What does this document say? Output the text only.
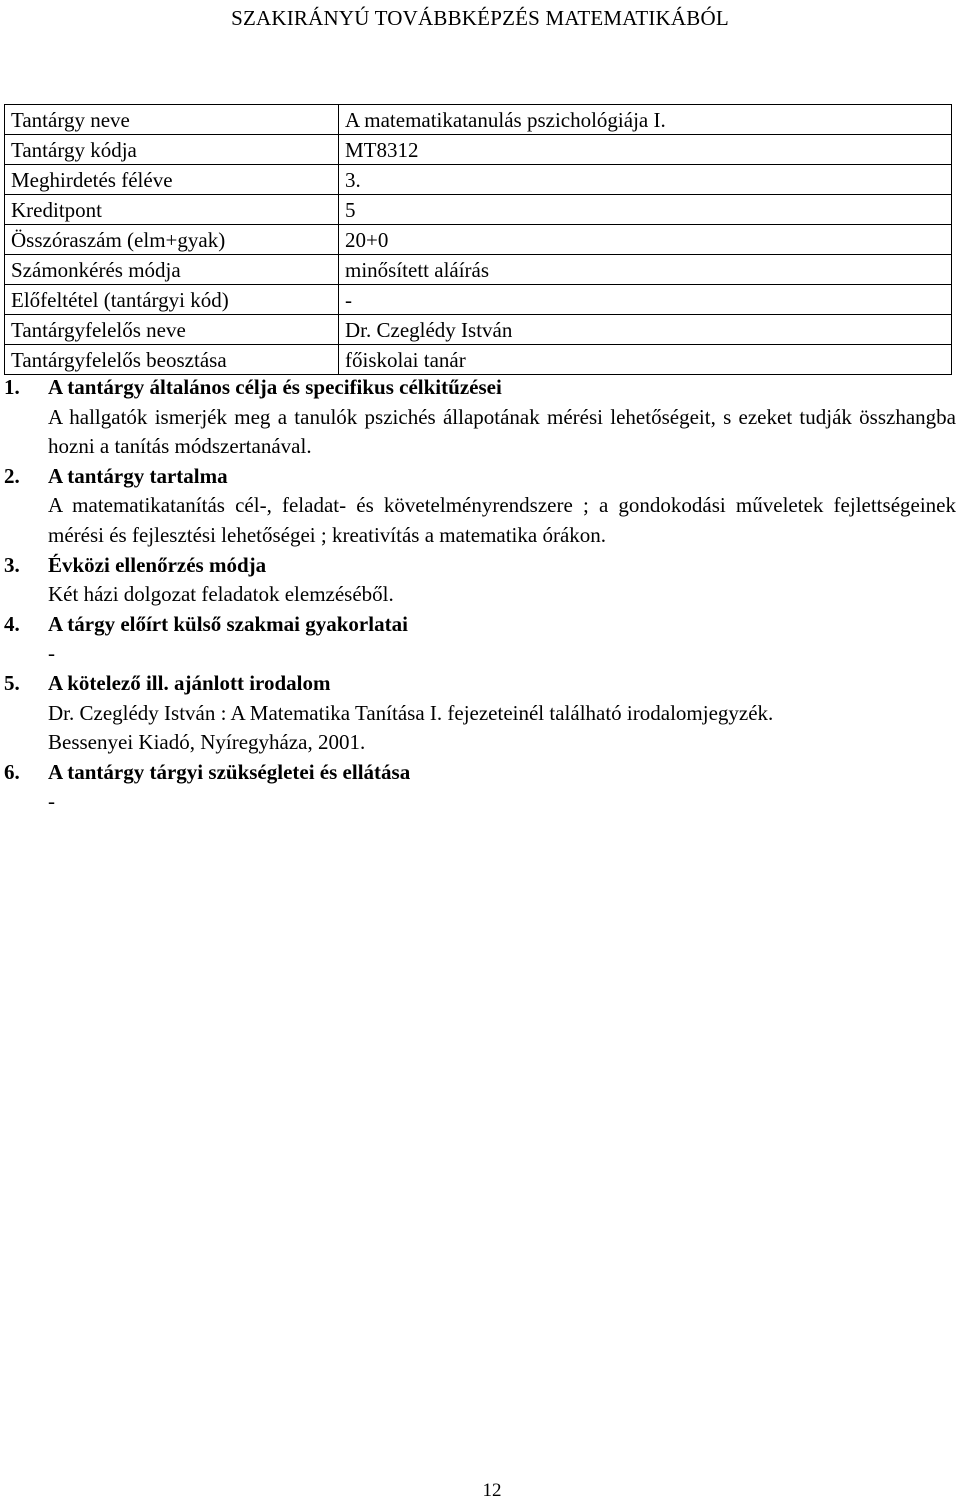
SZAKIRÁNYÚ TOVÁBBKÉPZÉS MATEMATIKÁBÓL
Tantárgy neve	A matematikatanulás pszichológiája I.
Tantárgy kódja	MT8312
Meghirdetés féléve	3.
Kreditpont	5
Összóraszám (elm+gyak)	20+0
Számonkérés módja	minősített aláírás
Előfeltétel (tantárgyi kód)	-
Tantárgyfelelős neve	Dr. Czeglédy István
Tantárgyfelelős beosztása	főiskolai tanár
1.	A tantárgy általános célja és specifikus célkitűzései

A hallgatók ismerjék meg a tanulók pszichés állapotának mérési lehetőségeit, s ezeket tudják összhangba hozni a tanítás módszertanával.

2.	A tantárgy tartalma

A matematikatanítás cél-, feladat- és követelményrendszere ; a gondokodási műveletek fejlettségeinek mérési és fejlesztési lehetőségei ; kreativítás a matematika órákon.

3.	Évközi ellenőrzés módja

Két házi dolgozat feladatok elemzéséből.

4.	A tárgy előírt külső szakmai gyakorlatai

-

5.	A kötelező ill. ajánlott irodalom

Dr. Czeglédy István : A Matematika Tanítása I. fejezeteinél található irodalomjegyzék.

Bessenyei Kiadó, Nyíregyháza, 2001.

6.	A tantárgy tárgyi szükségletei és ellátása

-

12
